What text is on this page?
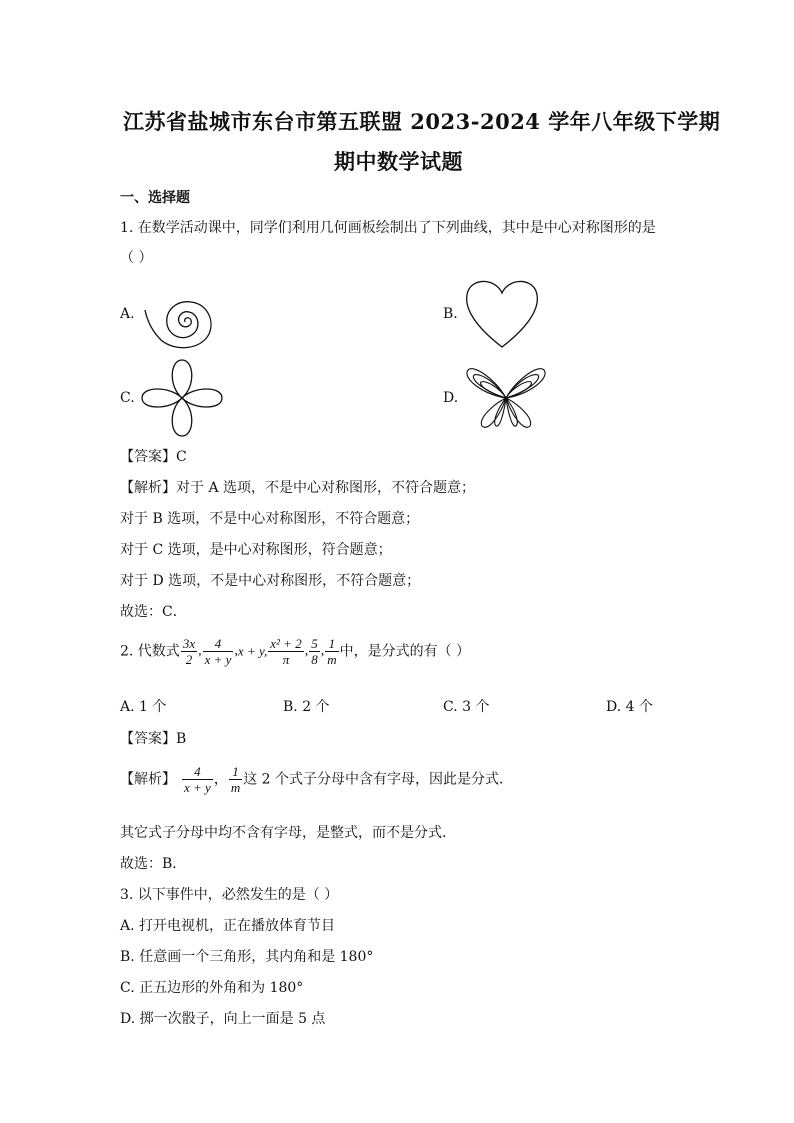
江苏省盐城市东台市第五联盟 2023-2024 学年八年级下学期
期中数学试题
一、选择题
1. 在数学活动课中，同学们利用几何画板绘制出了下列曲线，其中是中心对称图形的是
（ ）
A.	B.
C.	D.
【答案】C
【解析】对于 A 选项，不是中心对称图形，不符合题意；
对于 B 选项，不是中心对称图形，不符合题意；
对于 C 选项，是中心对称图形，符合题意；
对于 D 选项，不是中心对称图形，不符合题意；
故选：C．
2. 代数式 $\frac{3x}{2}$ , $\frac{4}{x + y} ,x + y$, $\frac{\text{x² + 2}}{\pi}$ , $\frac{5}{8}$ , $\frac{1}{m}$ 中，是分式的有（ ）
A. 1 个	B. 2 个	C. 3 个	D. 4 个
【答案】B
【解析】 $\frac{4}{x + y}$ ， $\frac{1}{m}$ 这 2 个式子分母中含有字母，因此是分式．
其它式子分母中均不含有字母，是整式，而不是分式．
故选：B．
3. 以下事件中，必然发生的是（ ）
A. 打开电视机，正在播放体育节目
B. 任意画一个三角形，其内角和是 180°
C. 正五边形的外角和为 180°
D. 掷一次骰子，向上一面是 5 点
